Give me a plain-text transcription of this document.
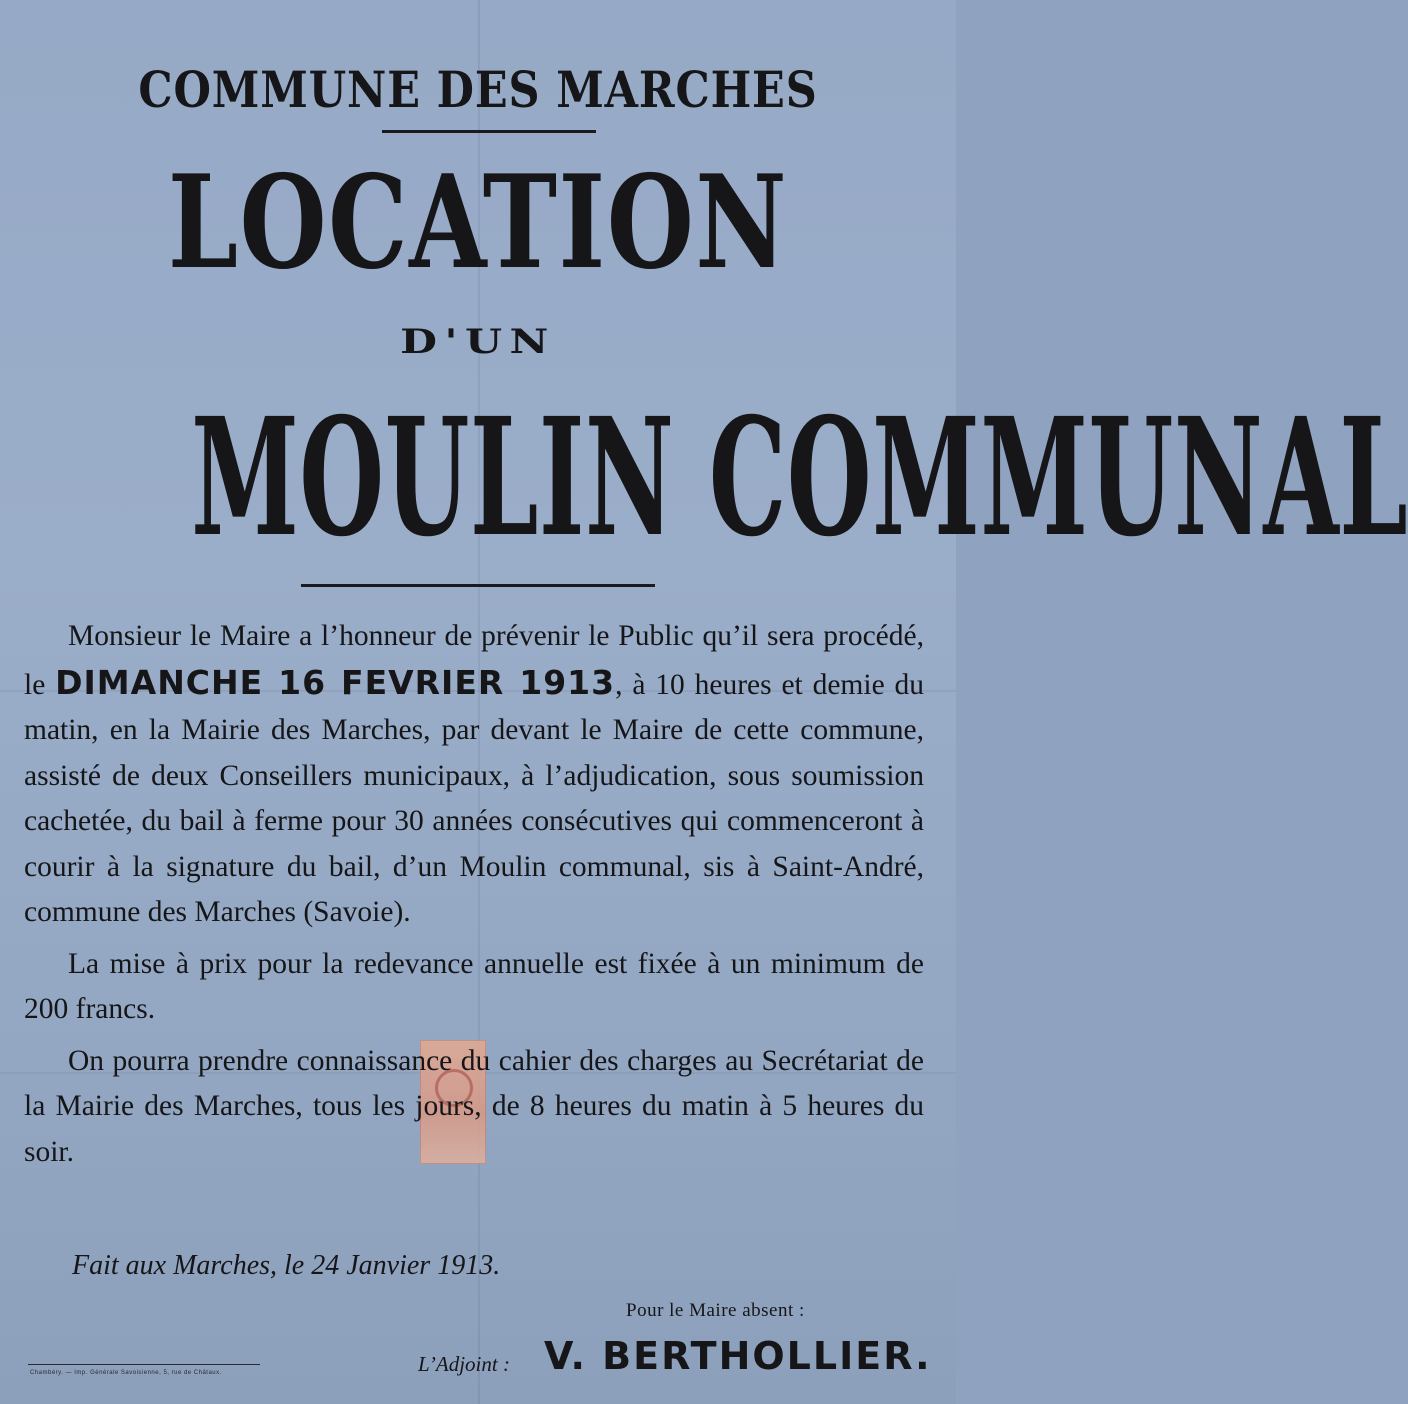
COMMUNE DES MARCHES
LOCATION
D'UN
MOULIN COMMUNAL

Monsieur le Maire a l’honneur de prévenir le Public qu’il sera procédé, le DIMANCHE 16 FEVRIER 1913, à 10 heures et demie du matin, en la Mairie des Marches, par devant le Maire de cette commune, assisté de deux Conseillers municipaux, à l’adjudication, sous soumission cachetée, du bail à ferme pour 30 années consécutives qui commenceront à courir à la signature du bail, d’un Moulin communal, sis à Saint-André, commune des Marches (Savoie).

La mise à prix pour la redevance annuelle est fixée à un minimum de 200 francs.

On pourra prendre connaissance du cahier des charges au Secrétariat de la Mairie des Marches, tous les jours, de 8 heures du matin à 5 heures du soir.

Fait aux Marches, le 24 Janvier 1913.
Pour le Maire absent :
L’Adjoint : V. BERTHOLLIER.
Chambéry. — Imp. Générale Savoisienne, 5, rue de Châtaux.
